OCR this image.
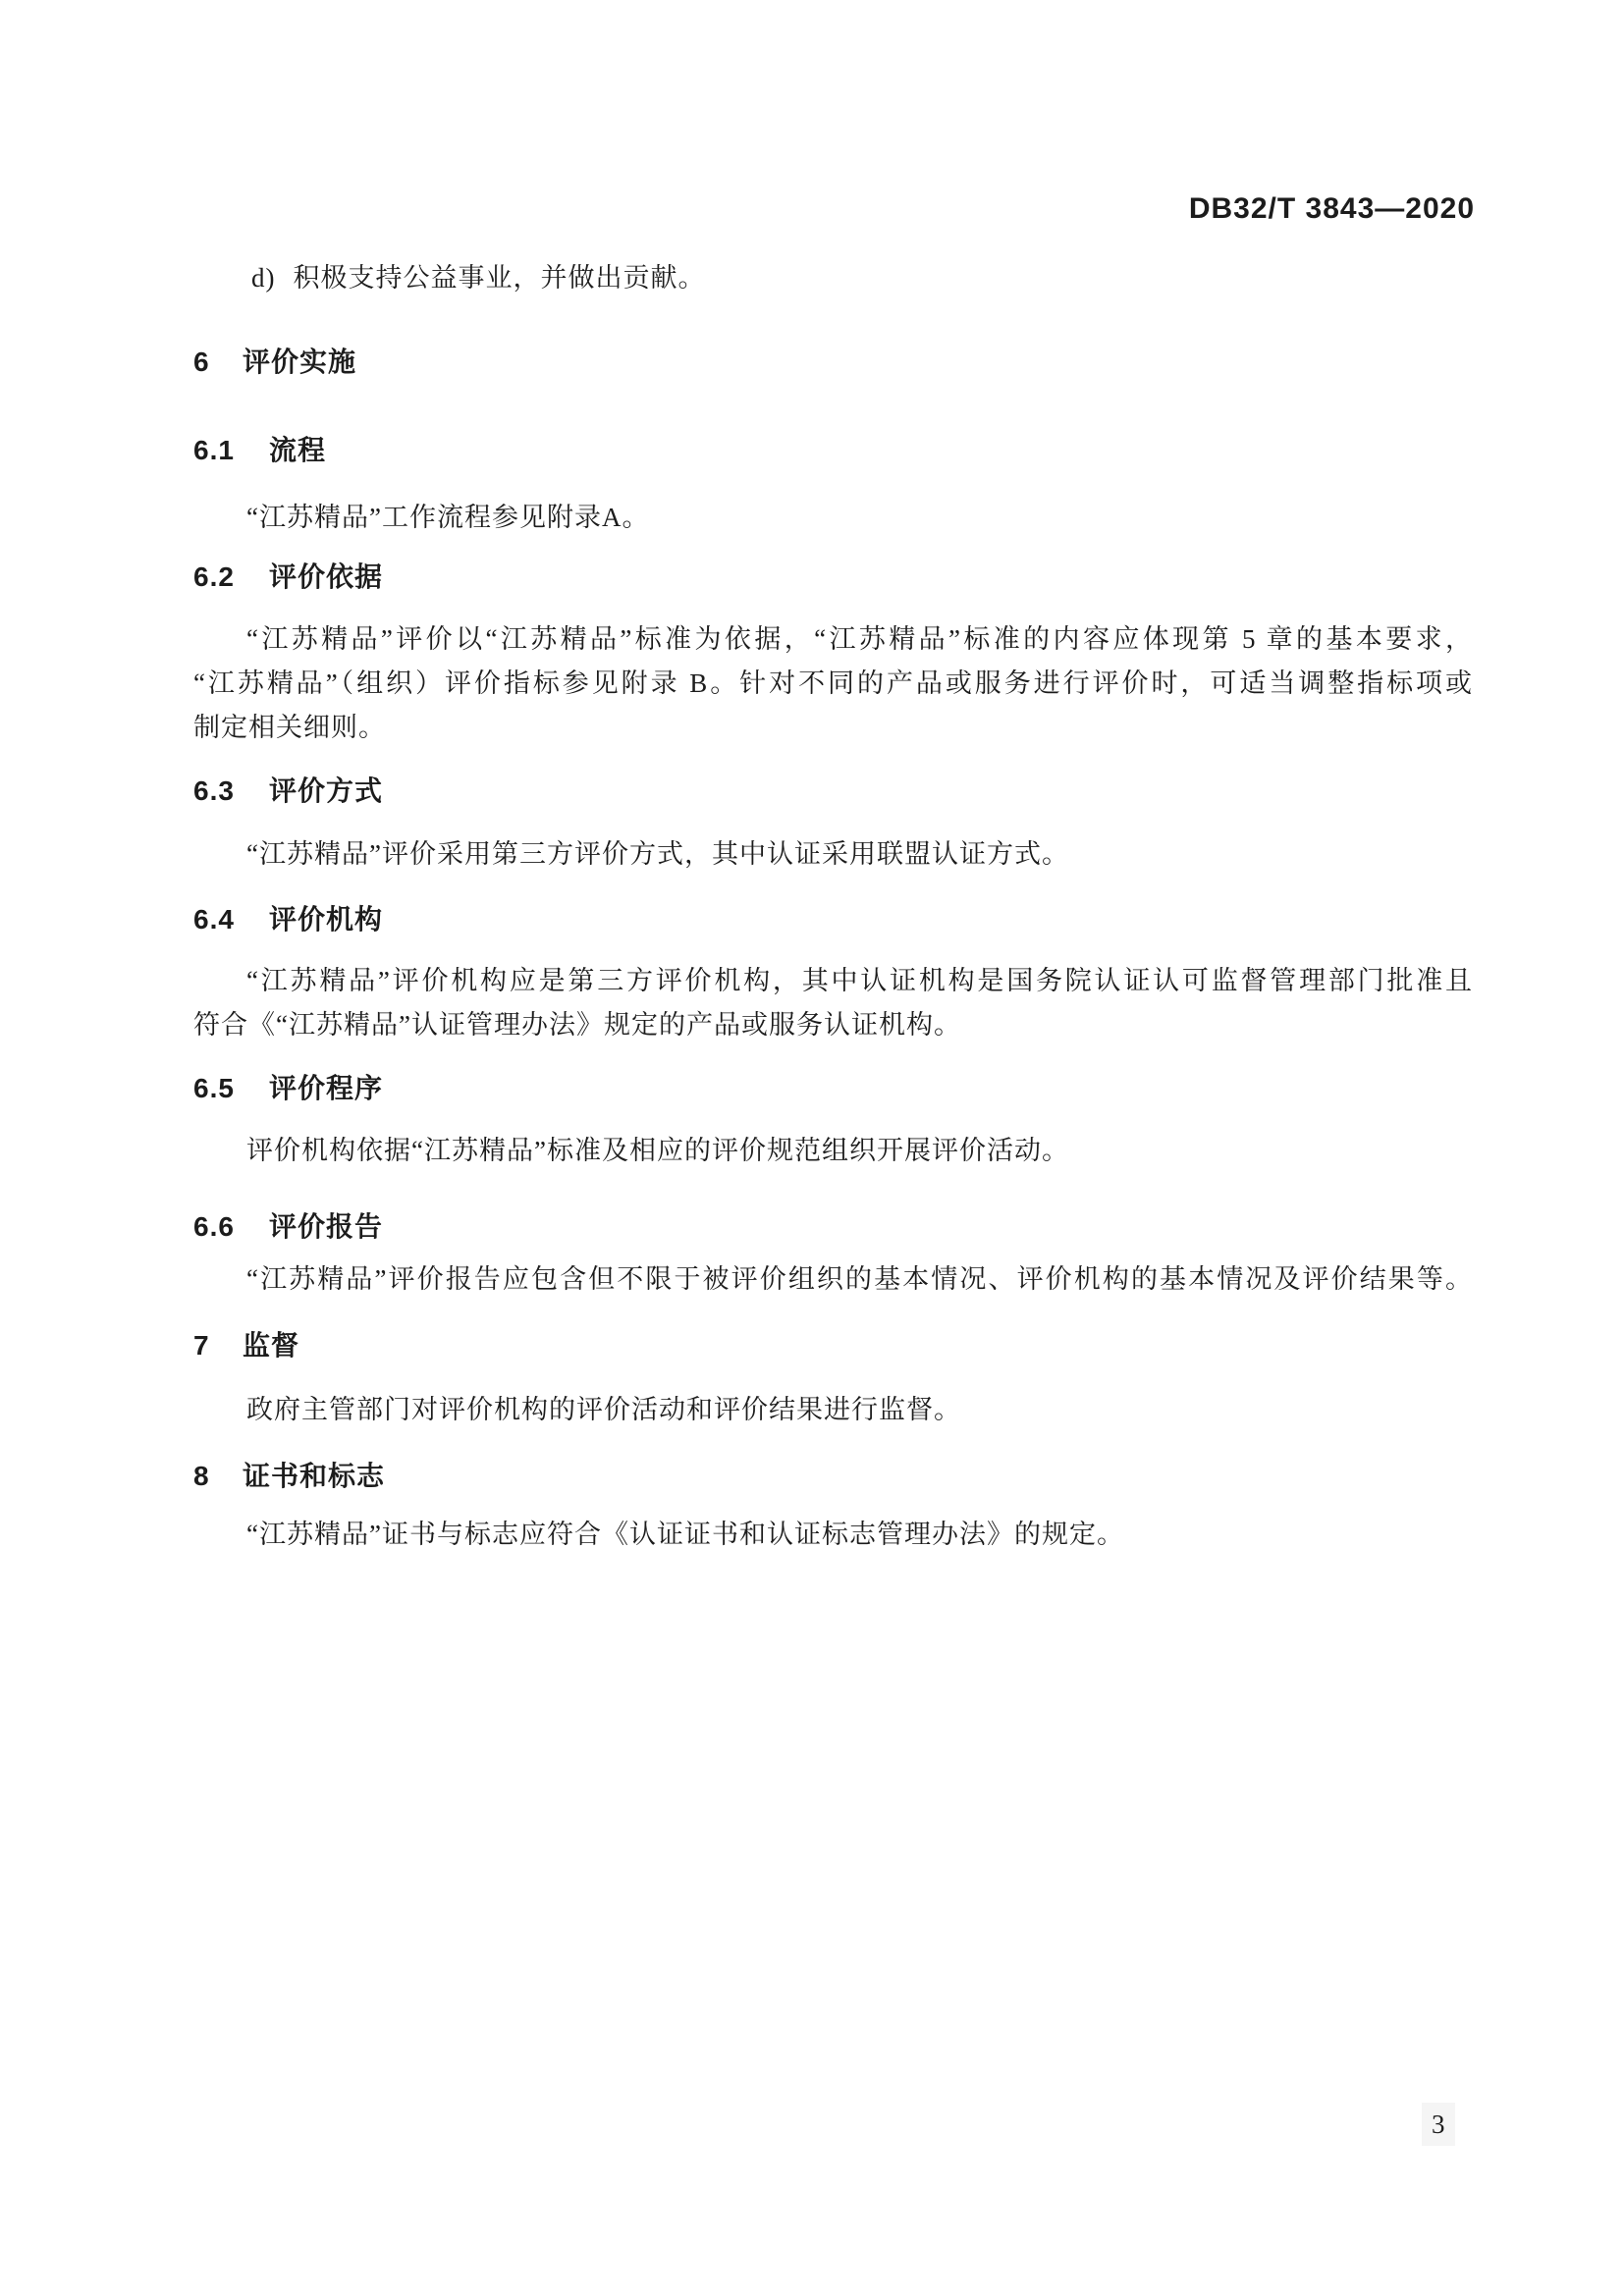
DB32/T 3843—2020
d) 积极支持公益事业，并做出贡献。
6 评价实施
6.1 流程
“江苏精品”工作流程参见附录A。
6.2 评价依据
“江苏精品”评价以“江苏精品”标准为依据，“江苏精品”标准的内容应体现第 5 章的基本要求，
“江苏精品”（组织）评价指标参见附录 B。针对不同的产品或服务进行评价时，可适当调整指标项或
制定相关细则。
6.3 评价方式
“江苏精品”评价采用第三方评价方式，其中认证采用联盟认证方式。
6.4 评价机构
“江苏精品”评价机构应是第三方评价机构，其中认证机构是国务院认证认可监督管理部门批准且
符合《“江苏精品”认证管理办法》规定的产品或服务认证机构。
6.5 评价程序
评价机构依据“江苏精品”标准及相应的评价规范组织开展评价活动。
6.6 评价报告
“江苏精品”评价报告应包含但不限于被评价组织的基本情况、评价机构的基本情况及评价结果等。
7 监督
政府主管部门对评价机构的评价活动和评价结果进行监督。
8 证书和标志
“江苏精品”证书与标志应符合《认证证书和认证标志管理办法》的规定。
3
